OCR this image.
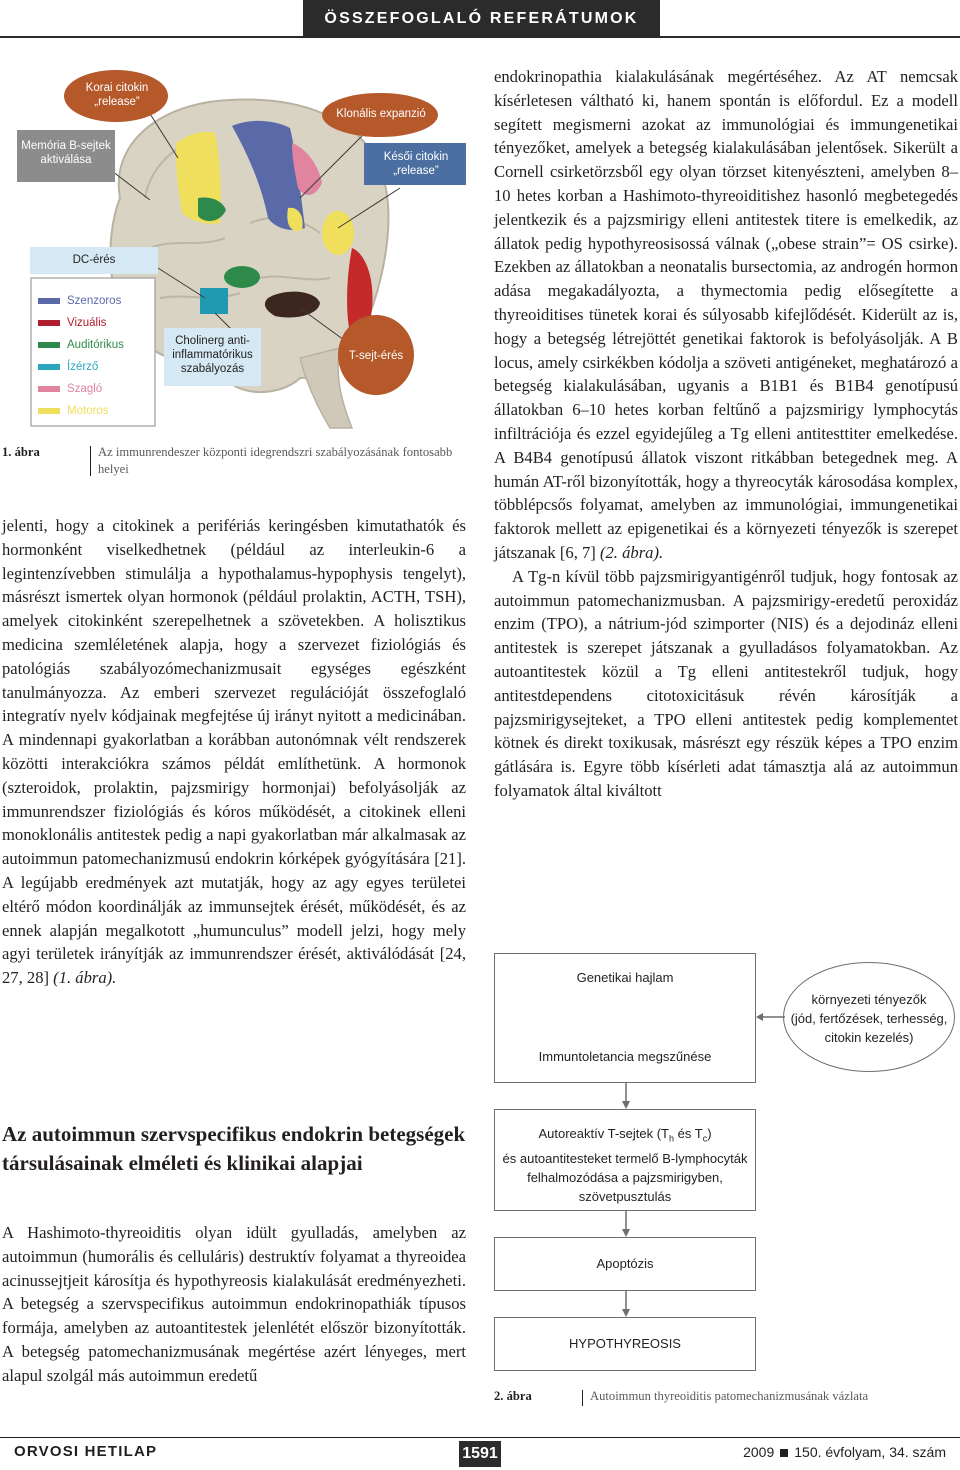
ÖSSZEFOGLALÓ REFERÁTUMOK
Memória B-sejtek aktiválása
Korai citokin „release”
Klonális expanzió
Késői citokin „release”
DC-érés
Cholinerg anti-inflammatórikus szabályozás
T-sejt-érés
Szenzoros
Vizuális
Auditórikus
Ízérző
Szagló
Motoros
1. ábra	Az immunrendeszer központi idegrendszri szabályozásának fontosabb helyei

jelenti, hogy a citokinek a perifériás keringésben kimutathatók és hormonként viselkedhetnek (például az interleukin-6 a legintenzívebben stimulálja a hypothalamus-hypophysis tengelyt), másrészt ismertek olyan hormonok (például prolaktin, ACTH, TSH), amelyek citokinként szerepelhetnek a szövetekben. A holisztikus medicina szemléletének alapja, hogy a szervezet fiziológiás és patológiás szabályozómechanizmusait egységes egészként tanulmányozza. Az emberi szervezet regulációját összefoglaló integratív nyelv kódjainak megfejtése új irányt nyitott a medicinában. A mindennapi gyakorlatban a korábban autonómnak vélt rendszerek közötti interakciókra számos példát említhetünk. A hormonok (szteroidok, prolaktin, pajzsmirigy hormonjai) befolyásolják az immunrendszer fiziológiás és kóros működését, a citokinek elleni monoklonális antitestek pedig a napi gyakorlatban már alkalmasak az autoimmun patomechanizmusú endokrin kórképek gyógyítására [21]. A legújabb eredmények azt mutatják, hogy az agy egyes területei eltérő módon koordinálják az immunsejtek érését, működését, és az ennek alapján megalkotott „humunculus” modell jelzi, hogy mely agyi területek irányítják az immunrendszer érését, aktiválódását [24, 27, 28] (1. ábra).

Az autoimmun szervspecifikus endokrin betegségek társulásainak elméleti és klinikai alapjai
A Hashimoto-thyreoiditis olyan idült gyulladás, amelyben az autoimmun (humorális és celluláris) destruktív folyamat a thyreoidea acinussejtjeit károsítja és hypothyreosis kialakulását eredményezheti. A betegség a szervspecifikus autoimmun endokrinopathiák típusos formája, amelyben az autoantitestek jelenlétét először bizonyították. A betegség patomechanizmusának megértése azért lényeges, mert alapul szolgál más autoimmun eredetű

endokrinopathia kialakulásának megértéséhez. Az AT nemcsak kísérletesen váltható ki, hanem spontán is előfordul. Ez a modell segített megismerni azokat az immunológiai és immungenetikai tényezőket, amelyek a betegség kialakulásában jelentősek. Sikerült a Cornell csirketörzsből egy olyan törzset kitenyészteni, amelyben 8–10 hetes korban a Hashimoto-thyreoiditishez hasonló megbetegedés jelentkezik és a pajzsmirigy elleni antitestek titere is emelkedik, az állatok pedig hypothyreosisossá válnak („obese strain”= OS csirke). Ezekben az állatokban a neonatalis bursectomia, az androgén hormon adása megakadályozta, a thymectomia pedig elősegítette a thyreoiditises tünetek korai és súlyosabb kifejlődését. Kiderült az is, hogy a betegség létrejöttét genetikai faktorok is befolyásolják. A B locus, amely csirkékben kódolja a szöveti antigéneket, meghatározó a betegség kialakulásában, ugyanis a B1B1 és B1B4 genotípusú állatokban 6–10 hetes korban feltűnő a pajzsmirigy lymphocytás infiltrációja és ezzel egyidejűleg a Tg elleni antitesttiter emelkedése. A B4B4 genotípusú állatok viszont ritkábban betegednek meg. A humán AT-ről bizonyították, hogy a thyreocyták károsodása komplex, többlépcsős folyamat, amelyben az immunológiai, immungenetikai faktorok mellett az epigenetikai és a környezeti tényezők is szerepet játszanak [6, 7] (2. ábra).

A Tg-n kívül több pajzsmirigyantigénről tudjuk, hogy fontosak az autoimmun patomechanizmusban. A pajzsmirigy-eredetű peroxidáz enzim (TPO), a nátrium-jód szimporter (NIS) és a dejodináz elleni antitestek is szerepet játszanak a gyulladásos folyamatokban. Az autoantitestek közül a Tg elleni antitestekről tudjuk, hogy antitestdependens citotoxicitásuk révén károsítják a pajzsmirigysejteket, a TPO elleni antitestek pedig komplementet kötnek és direkt toxikusak, másrészt egy részük képes a TPO enzim gátlására is. Egyre több kísérleti adat támasztja alá az autoimmun folyamatok által kiváltott

Genetikai hajlam
Immuntoletancia megszűnése
környezeti tényezők
(jód, fertőzések, terhesség,
citokin kezelés)
Autoreaktív T-sejtek ($T_h$ és $T_c$)
és autoantitesteket termelő B-lymphocyták
felhalmozódása a pajzsmirigyben,
szövetpusztulás
Apoptózis
HYPOTHYREOSIS
2. ábra	Autoimmun thyreoiditis patomechanizmusának vázlata
ORVOSI HETILAP	1591	2009 150. évfolyam, 34. szám
